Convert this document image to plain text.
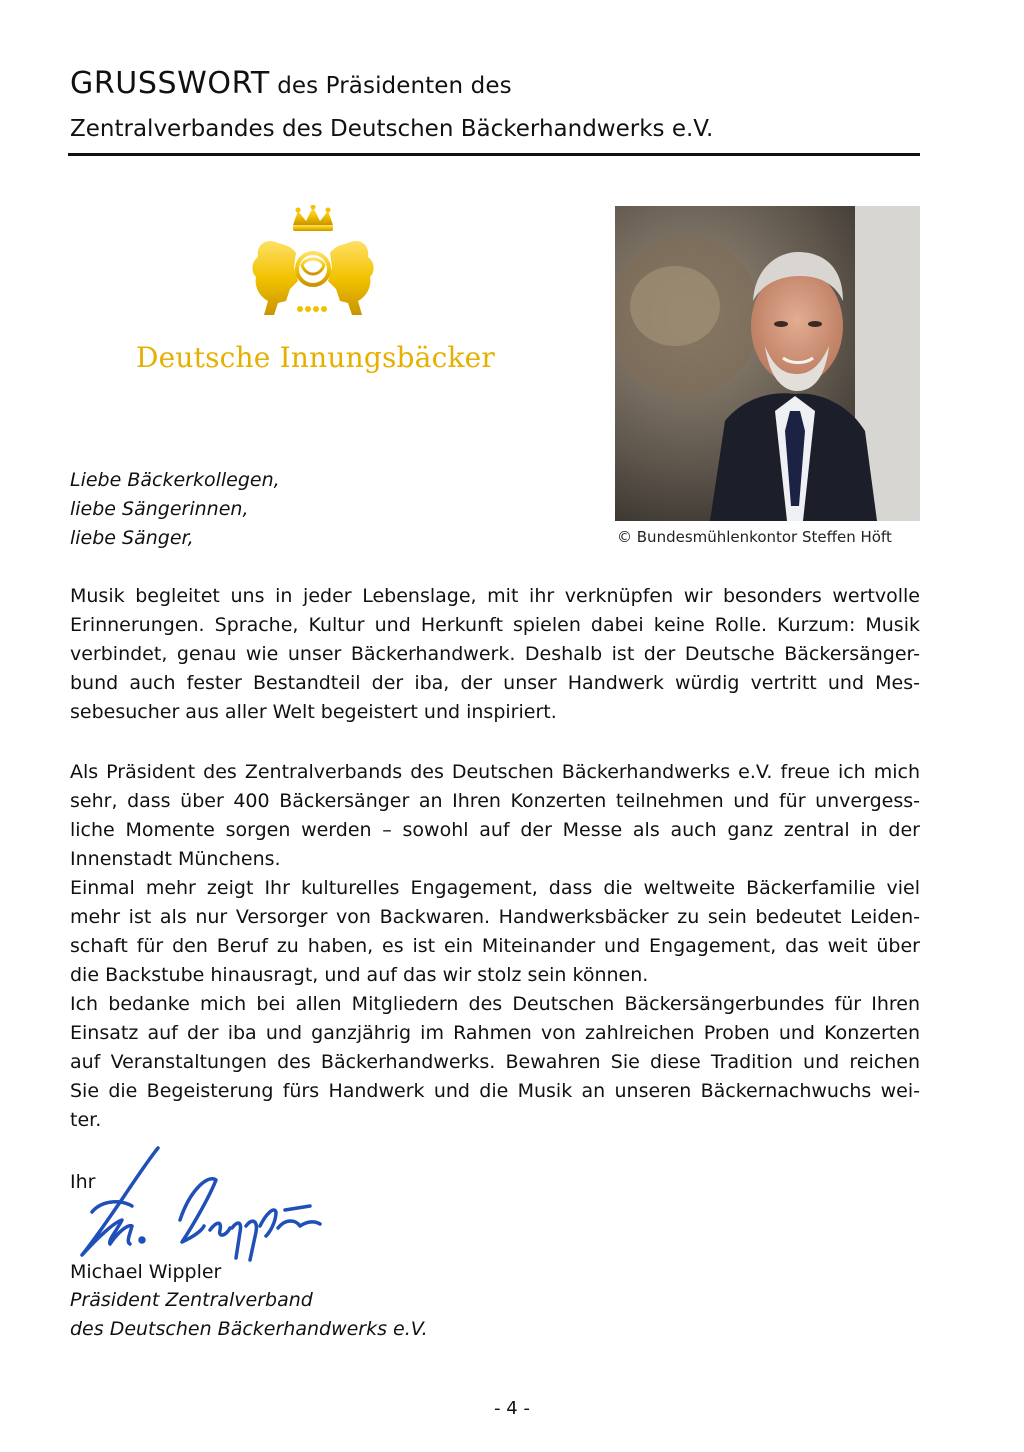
GRUSSWORT des Präsidenten des
Zentralverbandes des Deutschen Bäckerhandwerks e.V.
Deutsche Innungsbäcker
© Bundesmühlenkontor Steffen Höft
Liebe Bäckerkollegen,
liebe Sängerinnen,
liebe Sänger,
Musik begleitet uns in jeder Lebenslage, mit ihr verknüpfen wir besonders wertvolle
Erinnerungen. Sprache, Kultur und Herkunft spielen dabei keine Rolle. Kurzum: Musik
verbindet, genau wie unser Bäckerhandwerk. Deshalb ist der Deutsche Bäckersänger-
bund auch fester Bestandteil der iba, der unser Handwerk würdig vertritt und Mes-
sebesucher aus aller Welt begeistert und inspiriert.
Als Präsident des Zentralverbands des Deutschen Bäckerhandwerks e.V. freue ich mich
sehr, dass über 400 Bäckersänger an Ihren Konzerten teilnehmen und für unvergess-
liche Momente sorgen werden – sowohl auf der Messe als auch ganz zentral in der
Innenstadt Münchens.
Einmal mehr zeigt Ihr kulturelles Engagement, dass die weltweite Bäckerfamilie viel
mehr ist als nur Versorger von Backwaren. Handwerksbäcker zu sein bedeutet Leiden-
schaft für den Beruf zu haben, es ist ein Miteinander und Engagement, das weit über
die Backstube hinausragt, und auf das wir stolz sein können.
Ich bedanke mich bei allen Mitgliedern des Deutschen Bäckersängerbundes für Ihren
Einsatz auf der iba und ganzjährig im Rahmen von zahlreichen Proben und Konzerten
auf Veranstaltungen des Bäckerhandwerks. Bewahren Sie diese Tradition und reichen
Sie die Begeisterung fürs Handwerk und die Musik an unseren Bäckernachwuchs wei-
ter.
Ihr
Michael Wippler
Präsident Zentralverband
des Deutschen Bäckerhandwerks e.V.
- 4 -
